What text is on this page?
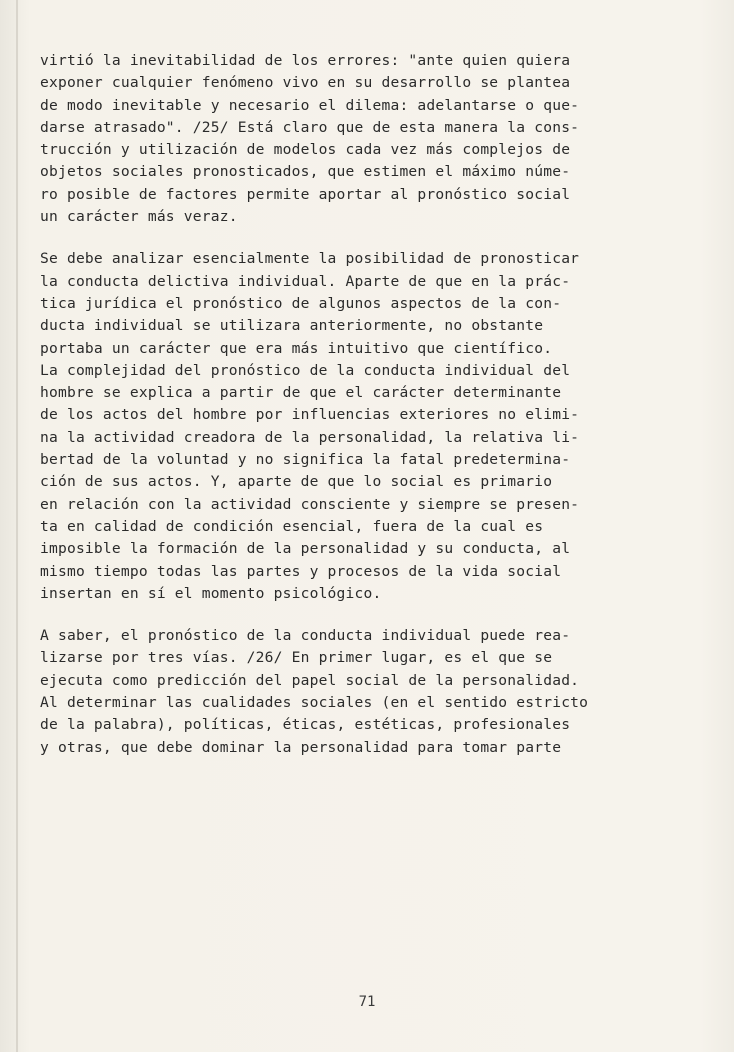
virtió la inevitabilidad de los errores: "ante quien quiera
exponer cualquier fenómeno vivo en su desarrollo se plantea
de modo inevitable y necesario el dilema: adelantarse o que-
darse atrasado". /25/ Está claro que de esta manera la cons-
trucción y utilización de modelos cada vez más complejos de
objetos sociales pronosticados, que estimen el máximo núme-
ro posible de factores permite aportar al pronóstico social
un carácter más veraz.
Se debe analizar esencialmente la posibilidad de pronosticar
la conducta delictiva individual. Aparte de que en la prác-
tica jurídica el pronóstico de algunos aspectos de la con-
ducta individual se utilizara anteriormente, no obstante
portaba un carácter que era más intuitivo que científico.
La complejidad del pronóstico de la conducta individual del
hombre se explica a partir de que el carácter determinante
de los actos del hombre por influencias exteriores no elimi-
na la actividad creadora de la personalidad, la relativa li-
bertad de la voluntad y no significa la fatal predetermina-
ción de sus actos. Y, aparte de que lo social es primario
en relación con la actividad consciente y siempre se presen-
ta en calidad de condición esencial, fuera de la cual es
imposible la formación de la personalidad y su conducta, al
mismo tiempo todas las partes y procesos de la vida social
insertan en sí el momento psicológico.
A saber, el pronóstico de la conducta individual puede rea-
lizarse por tres vías. /26/ En primer lugar, es el que se
ejecuta como predicción del papel social de la personalidad.
Al determinar las cualidades sociales (en el sentido estricto
de la palabra), políticas, éticas, estéticas, profesionales
y otras, que debe dominar la personalidad para tomar parte
71
